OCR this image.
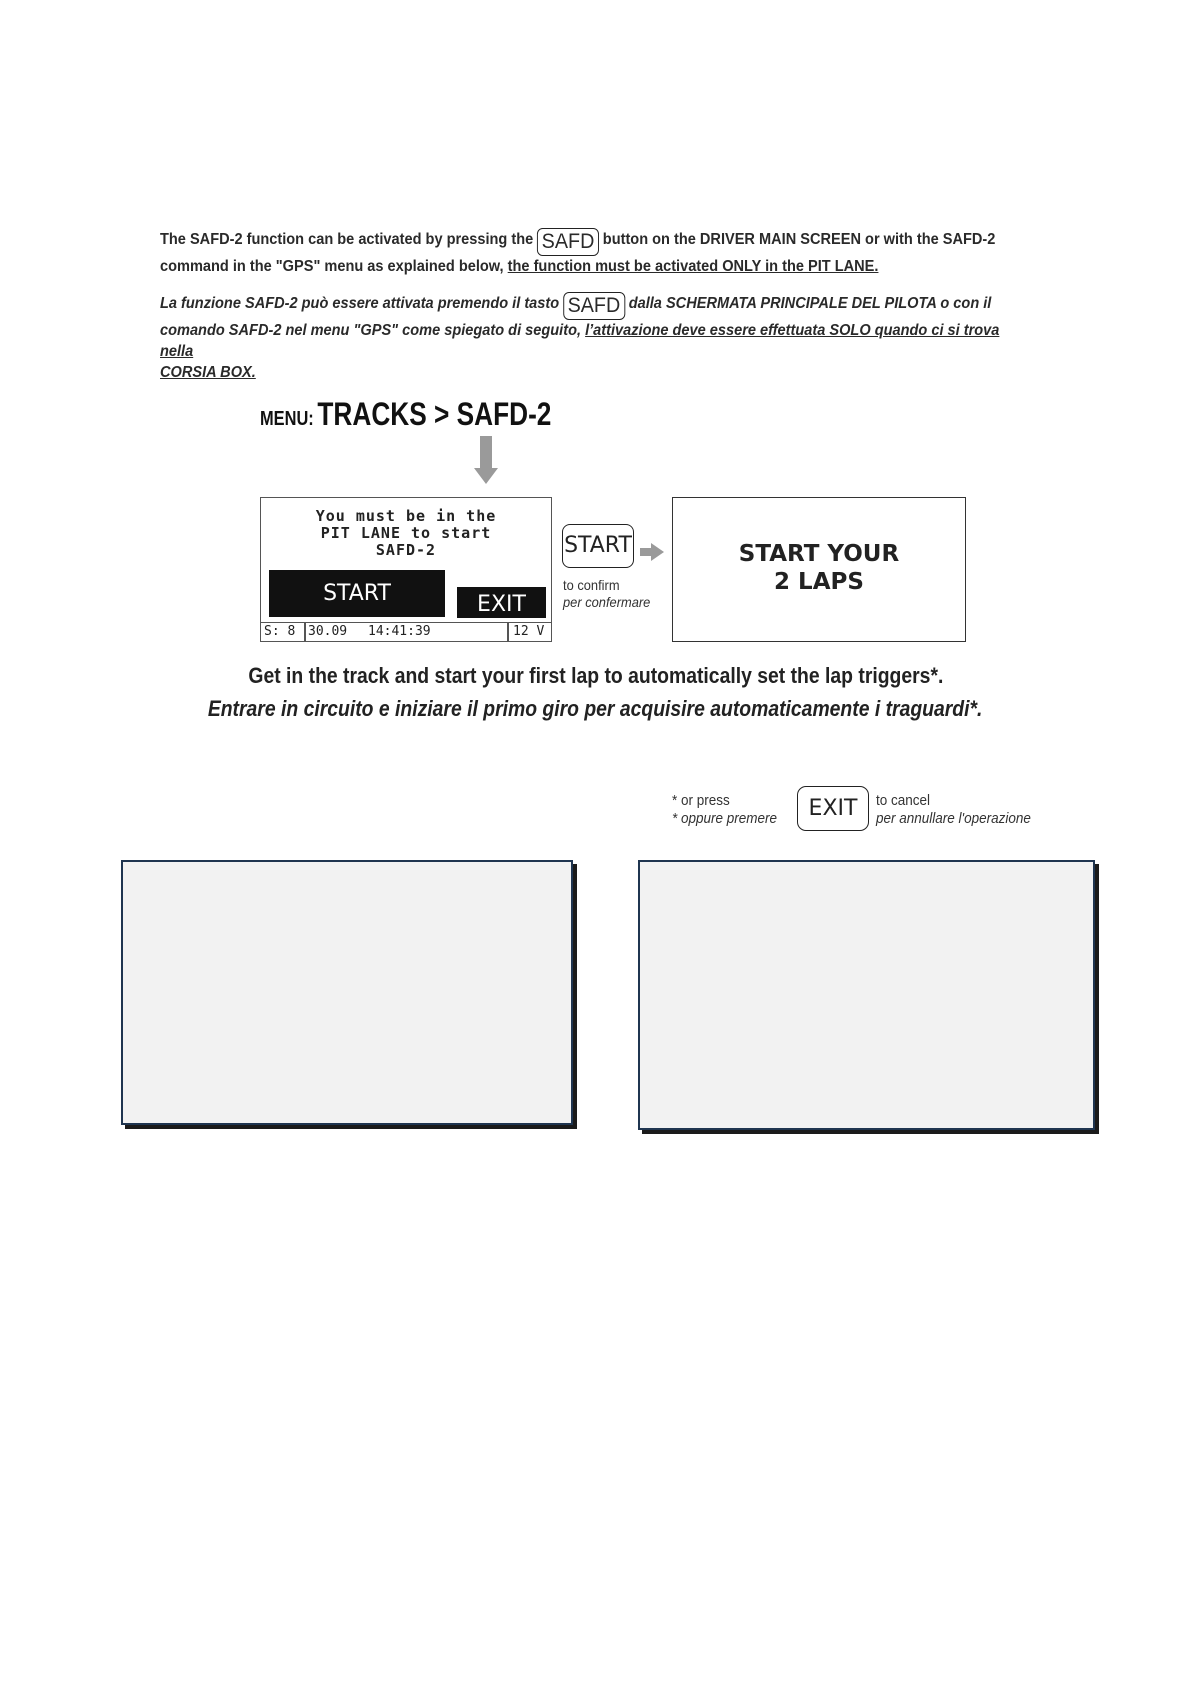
The SAFD-2 function can be activated by pressing the SAFD button on the DRIVER MAIN SCREEN or with the SAFD-2
command in the "GPS" menu as explained below, the function must be activated ONLY in the PIT LANE.
La funzione SAFD-2 può essere attivata premendo il tasto SAFD dalla SCHERMATA PRINCIPALE DEL PILOTA o con il
comando SAFD-2 nel menu "GPS" come spiegato di seguito, l’attivazione deve essere effettuata SOLO quando ci si trova nella
CORSIA BOX.
MENU: TRACKS > SAFD-2
You must be in the
PIT LANE to start
SAFD-2
START	EXIT
S: 8 30.09 14:41:39	12 V
START
to confirm
per confermare
START YOUR
2 LAPS
Get in the track and start your first lap to automatically set the lap triggers*.
Entrare in circuito e iniziare il primo giro per acquisire automaticamente i traguardi*.
* or press
* oppure premere	EXIT	to cancel
per annullare l'operazione
